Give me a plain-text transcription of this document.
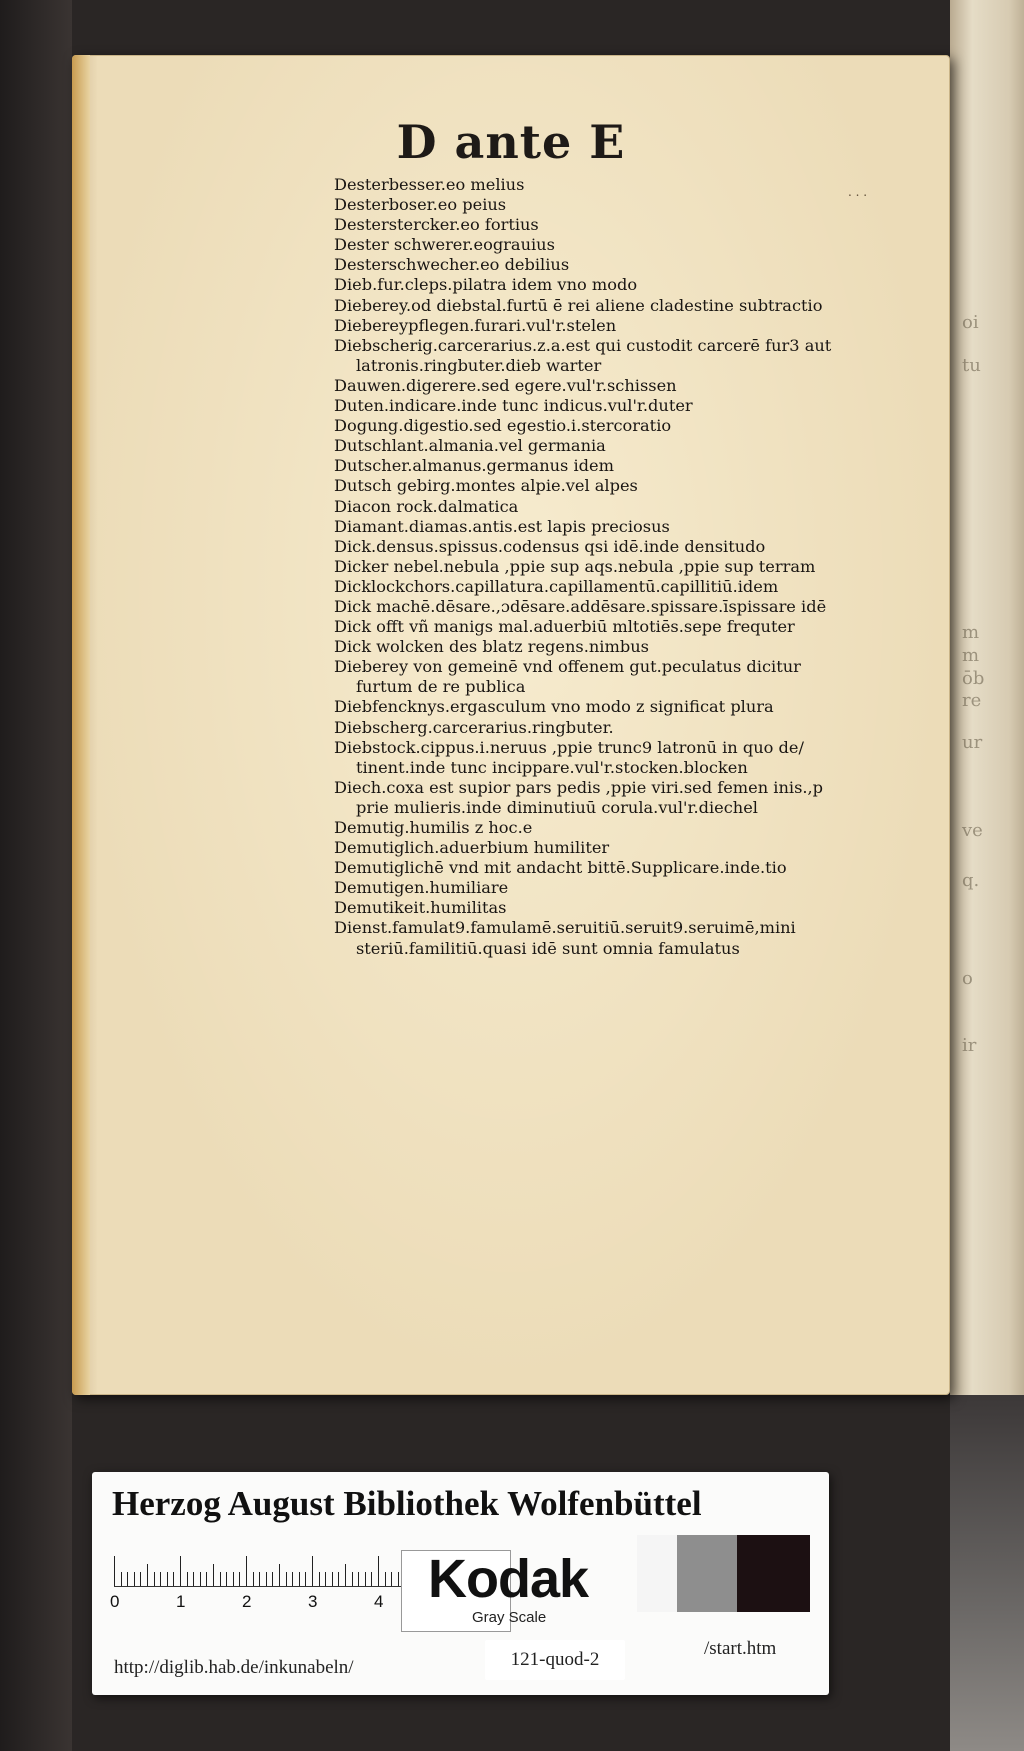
oi
tu
m
m
ōb
re
ur
ve
q.
o
ir
D ante E
. . .
Desterbesser.eo melius
Desterboser.eo peius
Desterstercker.eo fortius
Dester schwerer.eograuius
Desterschwecher.eo debilius
Dieb.fur.cleps.pilatra idem vno modo
Dieberey.od diebstal.furtū ē rei aliene cladestine subtractio
Diebereypflegen.furari.vul'r.stelen
Diebscherig.carcerarius.z.a.est qui custodit carcerē fur3 aut
latronis.ringbuter.dieb warter
Dauwen.digerere.sed egere.vul'r.schissen
Duten.indicare.inde tunc indicus.vul'r.duter
Dogung.digestio.sed egestio.i.stercoratio
Dutschlant.almania.vel germania
Dutscher.almanus.germanus idem
Dutsch gebirg.montes alpie.vel alpes
Diacon rock.dalmatica
Diamant.diamas.antis.est lapis preciosus
Dick.densus.spissus.codensus qsi idē.inde densitudo
Dicker nebel.nebula ,ppie sup aqs.nebula ,ppie sup terram
Dicklockchors.capillatura.capillamentū.capillitiū.idem
Dick machē.dēsare.,ɔdēsare.addēsare.spissare.īspissare idē
Dick offt vñ manigs mal.aduerbiū mltotiēs.sepe frequter
Dick wolcken des blatz regens.nimbus
Dieberey von gemeinē vnd offenem gut.peculatus dicitur
furtum de re publica
Diebfencknys.ergasculum vno modo z significat plura
Diebscherg.carcerarius.ringbuter.
Diebstock.cippus.i.neruus ,ppie trunc9 latronū in quo de/
tinent.inde tunc incippare.vul'r.stocken.blocken
Diech.coxa est supior pars pedis ,ppie viri.sed femen inis.,p
prie mulieris.inde diminutiuū corula.vul'r.diechel
Demutig.humilis z hoc.e
Demutiglich.aduerbium humiliter
Demutiglichē vnd mit andacht bittē.Supplicare.inde.tio
Demutigen.humiliare
Demutikeit.humilitas
Dienst.famulat9.famulamē.seruitiū.seruit9.seruimē,mini
steriū.familitiū.quasi idē sunt omnia famulatus
Herzog August Bibliothek Wolfenbüttel
0	1	2	3	4 Kodak
Gray Scale
http://diglib.hab.de/inkunabeln/	121-quod-2
/start.htm
